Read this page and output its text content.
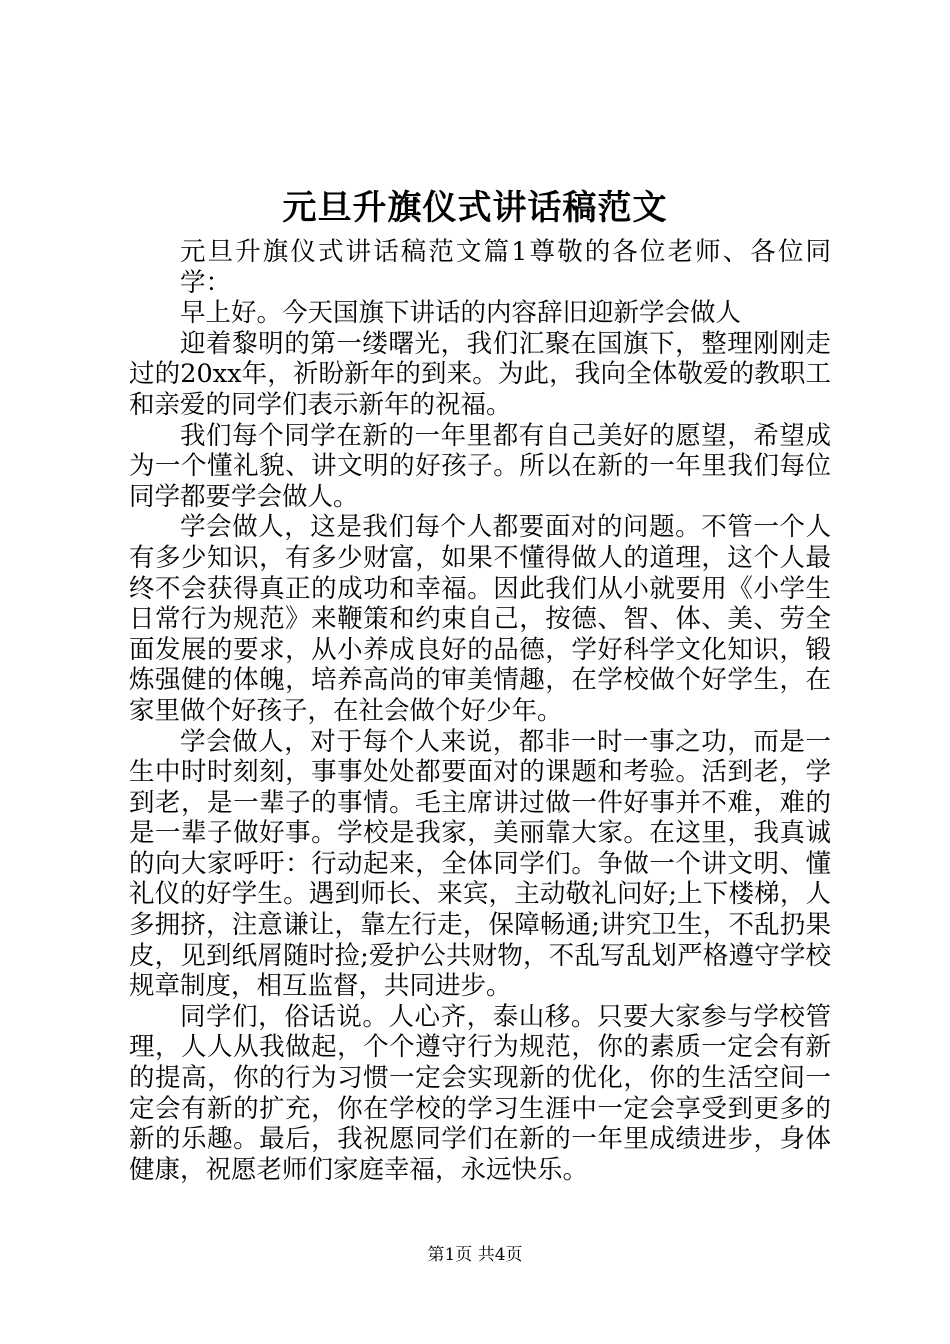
元旦升旗仪式讲话稿范文

元旦升旗仪式讲话稿范文篇1尊敬的各位老师、各位同学：

早上好。今天国旗下讲话的内容辞旧迎新学会做人

迎着黎明的第一缕曙光，我们汇聚在国旗下，整理刚刚走过的20xx年，祈盼新年的到来。为此，我向全体敬爱的教职工和亲爱的同学们表示新年的祝福。

我们每个同学在新的一年里都有自己美好的愿望，希望成为一个懂礼貌、讲文明的好孩子。所以在新的一年里我们每位同学都要学会做人。

学会做人，这是我们每个人都要面对的问题。不管一个人有多少知识，有多少财富，如果不懂得做人的道理，这个人最终不会获得真正的成功和幸福。因此我们从小就要用《小学生日常行为规范》来鞭策和约束自己，按德、智、体、美、劳全面发展的要求，从小养成良好的品德，学好科学文化知识，锻炼强健的体魄，培养高尚的审美情趣，在学校做个好学生，在家里做个好孩子，在社会做个好少年。

学会做人，对于每个人来说，都非一时一事之功，而是一生中时时刻刻，事事处处都要面对的课题和考验。活到老，学到老，是一辈子的事情。毛主席讲过做一件好事并不难，难的是一辈子做好事。学校是我家，美丽靠大家。在这里，我真诚的向大家呼吁：行动起来，全体同学们。争做一个讲文明、懂礼仪的好学生。遇到师长、来宾，主动敬礼问好;上下楼梯，人多拥挤，注意谦让，靠左行走，保障畅通;讲究卫生，不乱扔果皮，见到纸屑随时捡;爱护公共财物，不乱写乱划严格遵守学校规章制度，相互监督，共同进步。

同学们，俗话说。人心齐，泰山移。只要大家参与学校管理，人人从我做起，个个遵守行为规范，你的素质一定会有新的提高，你的行为习惯一定会实现新的优化，你的生活空间一定会有新的扩充，你在学校的学习生涯中一定会享受到更多的新的乐趣。最后，我祝愿同学们在新的一年里成绩进步，身体健康，祝愿老师们家庭幸福，永远快乐。

第1页 共4页
